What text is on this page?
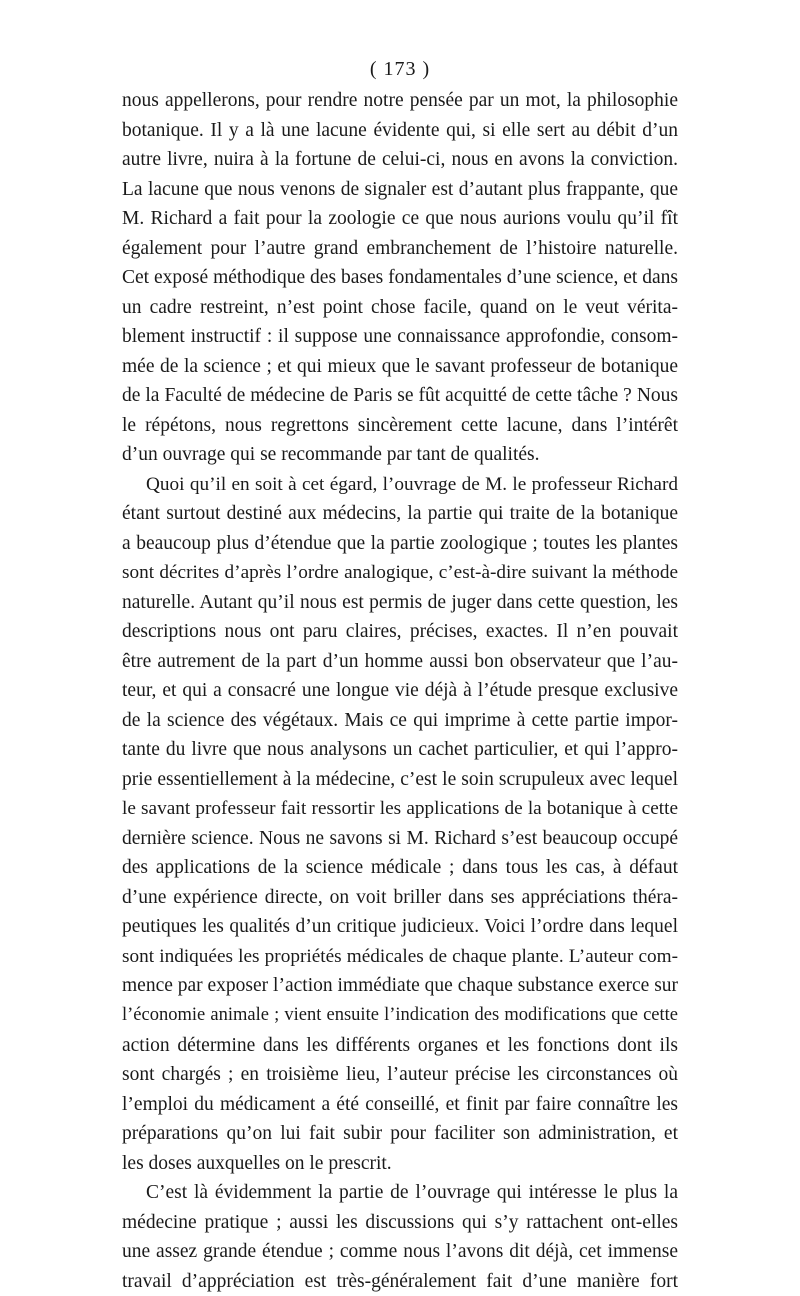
( 173 )
nous appellerons, pour rendre notre pensée par un mot, la philosophie
botanique. Il y a là une lacune évidente qui, si elle sert au débit d’un
autre livre, nuira à la fortune de celui-ci, nous en avons la conviction.
La lacune que nous venons de signaler est d’autant plus frappante, que
M. Richard a fait pour la zoologie ce que nous aurions voulu qu’il fît
également pour l’autre grand embranchement de l’histoire naturelle.
Cet exposé méthodique des bases fondamentales d’une science, et dans
un cadre restreint, n’est point chose facile, quand on le veut vérita-
blement instructif : il suppose une connaissance approfondie, consom-
mée de la science ; et qui mieux que le savant professeur de botanique
de la Faculté de médecine de Paris se fût acquitté de cette tâche ? Nous
le répétons, nous regrettons sincèrement cette lacune, dans l’intérêt
d’un ouvrage qui se recommande par tant de qualités.
Quoi qu’il en soit à cet égard, l’ouvrage de M. le professeur Richard
étant surtout destiné aux médecins, la partie qui traite de la botanique
a beaucoup plus d’étendue que la partie zoologique ; toutes les plantes
sont décrites d’après l’ordre analogique, c’est-à-dire suivant la méthode
naturelle. Autant qu’il nous est permis de juger dans cette question, les
descriptions nous ont paru claires, précises, exactes. Il n’en pouvait
être autrement de la part d’un homme aussi bon observateur que l’au-
teur, et qui a consacré une longue vie déjà à l’étude presque exclusive
de la science des végétaux. Mais ce qui imprime à cette partie impor-
tante du livre que nous analysons un cachet particulier, et qui l’appro-
prie essentiellement à la médecine, c’est le soin scrupuleux avec lequel
le savant professeur fait ressortir les applications de la botanique à cette
dernière science. Nous ne savons si M. Richard s’est beaucoup occupé
des applications de la science médicale ; dans tous les cas, à défaut
d’une expérience directe, on voit briller dans ses appréciations théra-
peutiques les qualités d’un critique judicieux. Voici l’ordre dans lequel
sont indiquées les propriétés médicales de chaque plante. L’auteur com-
mence par exposer l’action immédiate que chaque substance exerce sur
l’économie animale ; vient ensuite l’indication des modifications que cette
action détermine dans les différents organes et les fonctions dont ils
sont chargés ; en troisième lieu, l’auteur précise les circonstances où
l’emploi du médicament a été conseillé, et finit par faire connaître les
préparations qu’on lui fait subir pour faciliter son administration, et
les doses auxquelles on le prescrit.
C’est là évidemment la partie de l’ouvrage qui intéresse le plus la
médecine pratique ; aussi les discussions qui s’y rattachent ont-elles
une assez grande étendue ; comme nous l’avons dit déjà, cet immense
travail d’appréciation est très-généralement fait d’une manière fort
